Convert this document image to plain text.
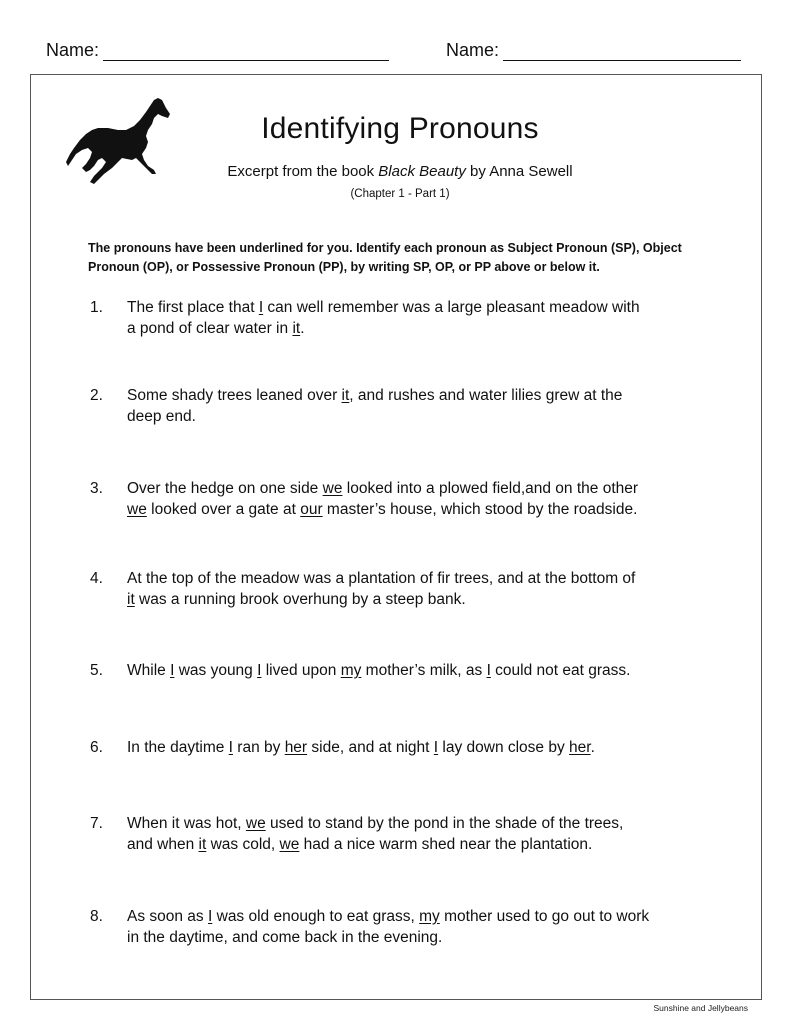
Name:	Name:
Identifying Pronouns
Excerpt from the book Black Beauty by Anna Sewell
(Chapter 1 - Part 1)
The pronouns have been underlined for you. Identify each pronoun as Subject Pronoun (SP), Object Pronoun (OP), or Possessive Pronoun (PP), by writing SP, OP, or PP above or below it.
1.	The first place that I can well remember was a large pleasant meadow with
a pond of clear water in it.
2.	Some shady trees leaned over it, and rushes and water lilies grew at the
deep end.
3.	Over the hedge on one side we looked into a plowed field,and on the other
we looked over a gate at our master’s house, which stood by the roadside.
4.	At the top of the meadow was a plantation of fir trees, and at the bottom of
it was a running brook overhung by a steep bank.
5.	While I was young I lived upon my mother’s milk, as I could not eat grass.
6.	In the daytime I ran by her side, and at night I lay down close by her.
7.	When it was hot, we used to stand by the pond in the shade of the trees,
and when it was cold, we had a nice warm shed near the plantation.
8.	As soon as I was old enough to eat grass, my mother used to go out to work
in the daytime, and come back in the evening.
Sunshine and Jellybeans
